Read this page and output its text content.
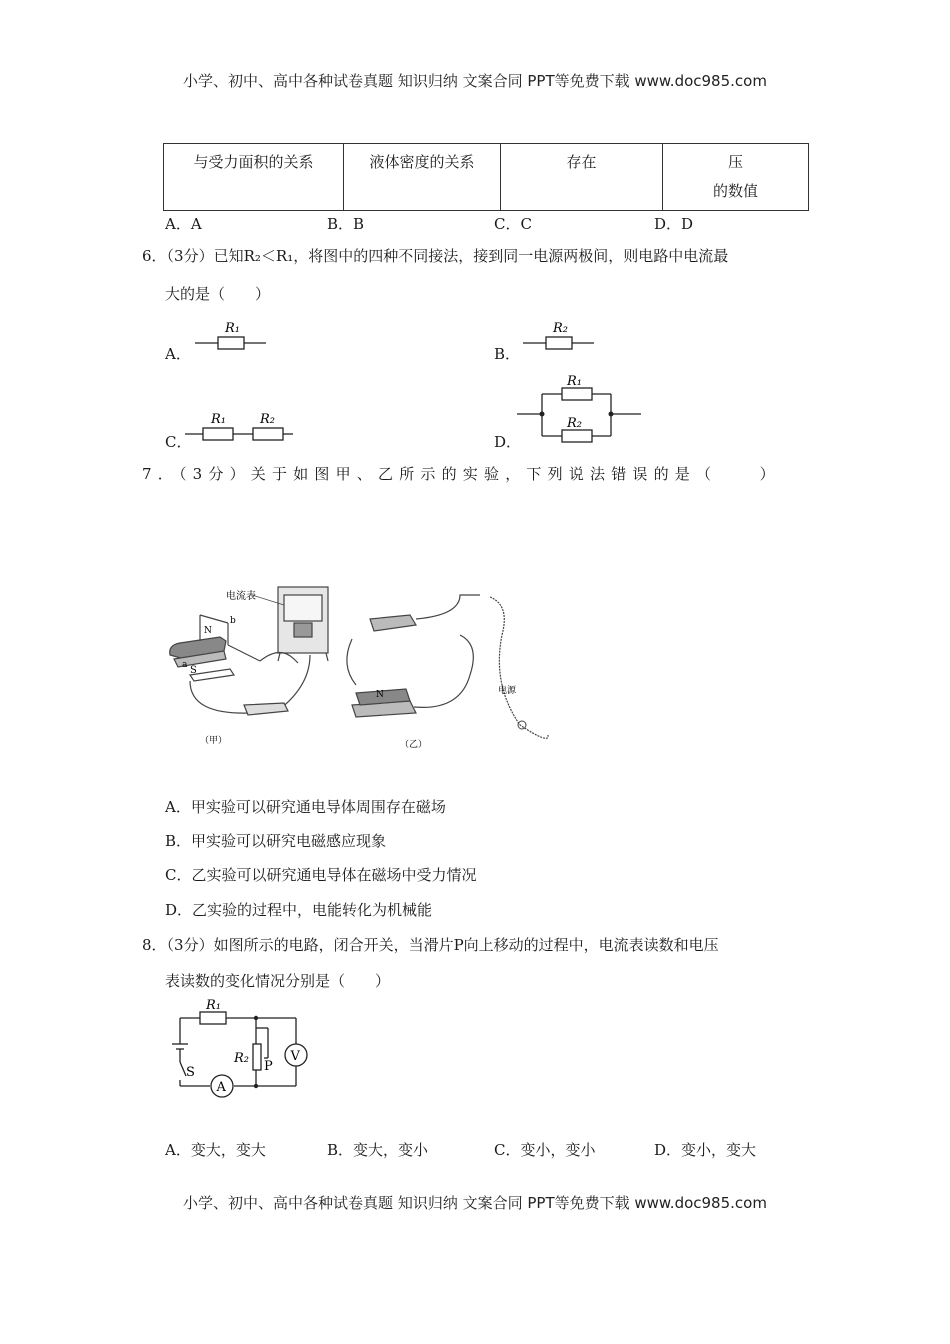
小学、初中、高中各种试卷真题 知识归纳 文案合同 PPT等免费下载 www.doc985.com
与受力面积的关系	液体密度的关系	存在	压
的数值
A．A	B．B	C．C	D．D
6．（3分）已知R₂＜R₁，将图中的四种不同接法，接到同一电源两极间，则电路中电流最
大的是（　　）
A．	B．
C．	D．
R₁	R₂
R₁	R₂
R₁
R₂
7．（3分）关于如图甲、乙所示的实验，下列说法错误的是（　　）
S
N
a
b
电流表
（甲）
N	电源
（乙）
A．甲实验可以研究通电导体周围存在磁场
B．甲实验可以研究电磁感应现象
C．乙实验可以研究通电导体在磁场中受力情况
D．乙实验的过程中，电能转化为机械能
8．（3分）如图所示的电路，闭合开关，当滑片P向上移动的过程中，电流表读数和电压
表读数的变化情况分别是（　　）
V
A
R₁
R₂
P
S
A．变大，变大	B．变大，变小	C．变小，变小	D．变小，变大
小学、初中、高中各种试卷真题 知识归纳 文案合同 PPT等免费下载 www.doc985.com
